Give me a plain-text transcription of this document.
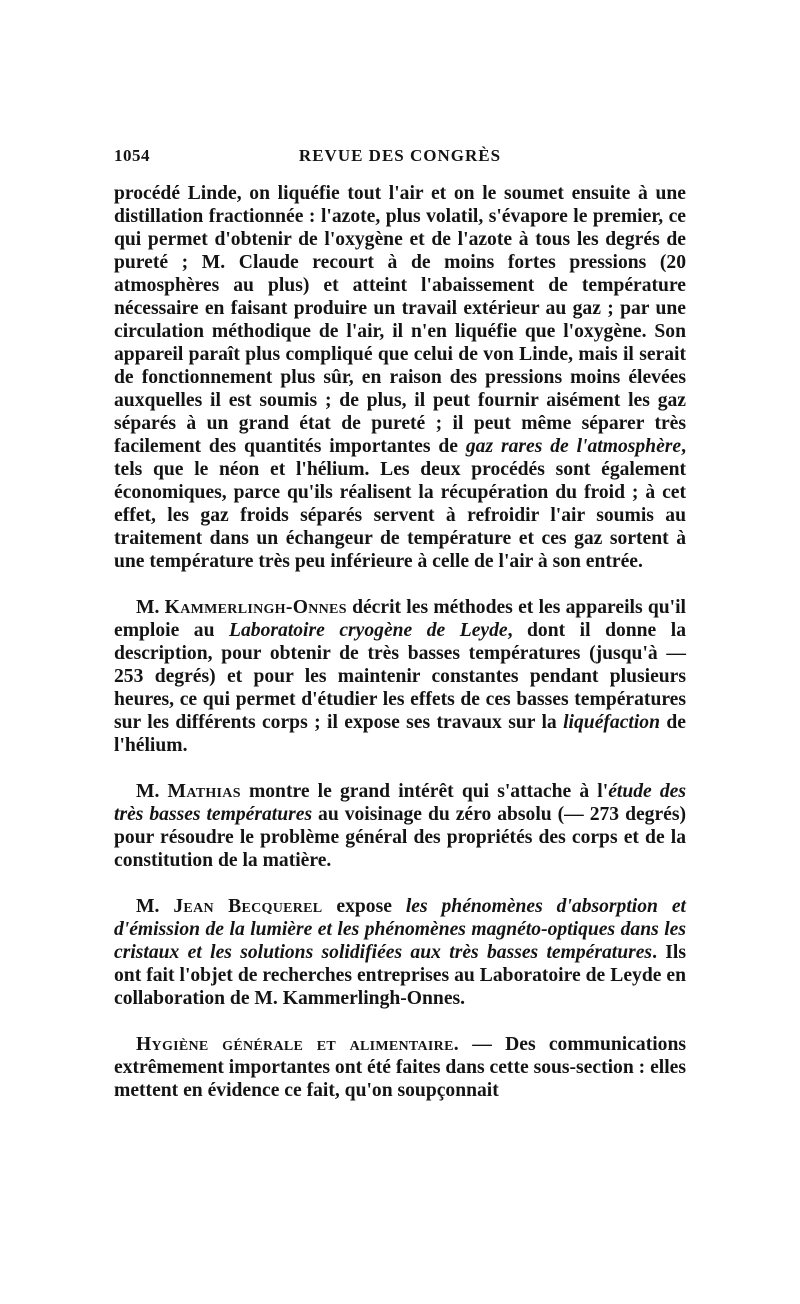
1054	REVUE DES CONGRÈS

procédé Linde, on liquéfie tout l'air et on le soumet ensuite à une distillation fractionnée : l'azote, plus volatil, s'évapore le premier, ce qui permet d'obtenir de l'oxygène et de l'azote à tous les degrés de pureté ; M. Claude recourt à de moins fortes pressions (20 atmosphères au plus) et atteint l'abaissement de température nécessaire en faisant produire un travail extérieur au gaz ; par une circulation méthodique de l'air, il n'en liquéfie que l'oxygène. Son appareil paraît plus compliqué que celui de von Linde, mais il serait de fonctionnement plus sûr, en raison des pressions moins élevées auxquelles il est soumis ; de plus, il peut fournir aisément les gaz séparés à un grand état de pureté ; il peut même séparer très facilement des quantités importantes de gaz rares de l'atmosphère, tels que le néon et l'hélium. Les deux procédés sont également économiques, parce qu'ils réalisent la récupération du froid ; à cet effet, les gaz froids séparés servent à refroidir l'air soumis au traitement dans un échangeur de température et ces gaz sortent à une température très peu inférieure à celle de l'air à son entrée.

M. Kammerlingh-Onnes décrit les méthodes et les appareils qu'il emploie au Laboratoire cryogène de Leyde, dont il donne la description, pour obtenir de très basses températures (jusqu'à — 253 degrés) et pour les maintenir constantes pendant plusieurs heures, ce qui permet d'étudier les effets de ces basses températures sur les différents corps ; il expose ses travaux sur la liquéfaction de l'hélium.

M. Mathias montre le grand intérêt qui s'attache à l'étude des très basses températures au voisinage du zéro absolu (— 273 degrés) pour résoudre le problème général des propriétés des corps et de la constitution de la matière.

M. Jean Becquerel expose les phénomènes d'absorption et d'émission de la lumière et les phénomènes magnéto-optiques dans les cristaux et les solutions solidifiées aux très basses températures. Ils ont fait l'objet de recherches entreprises au Laboratoire de Leyde en collaboration de M. Kammerlingh-Onnes.

Hygiène générale et alimentaire. — Des communications extrêmement importantes ont été faites dans cette sous-section : elles mettent en évidence ce fait, qu'on soupçonnait
